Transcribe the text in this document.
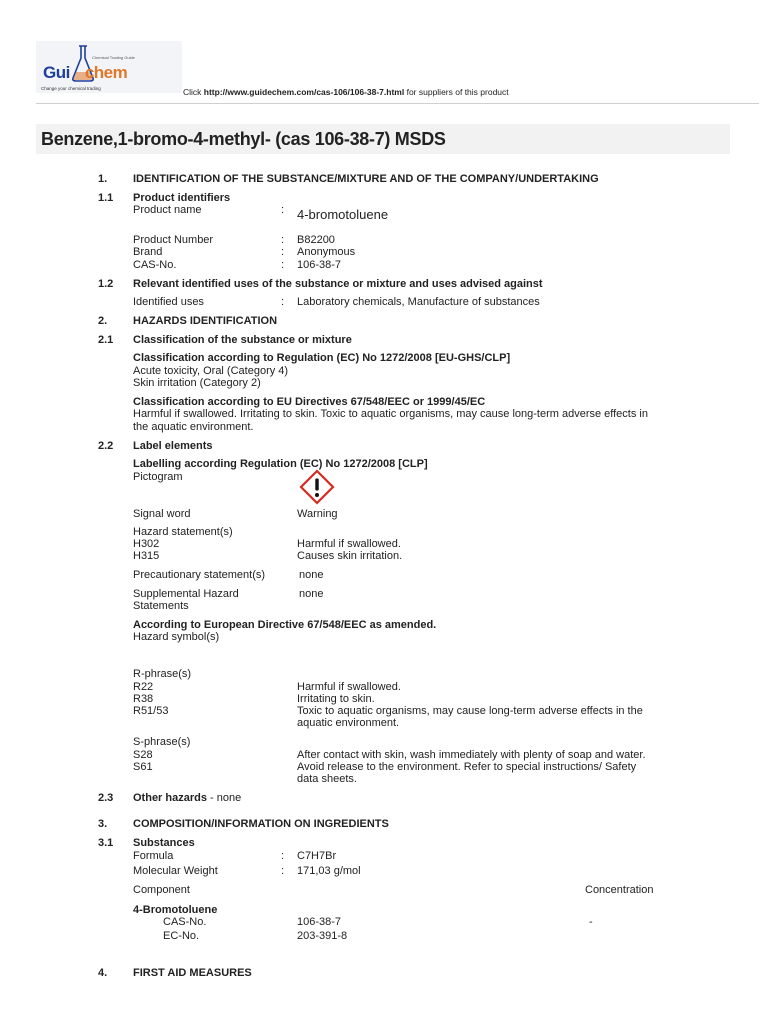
Chemical Trading Guide
Gui chem
Change your chemical trading	Click http://www.guidechem.com/cas-106/106-38-7.html for suppliers of this product
Benzene,1-bromo-4-methyl- (cas 106-38-7) MSDS
1. IDENTIFICATION OF THE SUBSTANCE/MIXTURE AND OF THE COMPANY/UNDERTAKING
1.1 Product identifiers
Product name	: 4-bromotoluene
Product Number	: B82200
Brand	: Anonymous
CAS-No.	: 106-38-7
1.2 Relevant identified uses of the substance or mixture and uses advised against
Identified uses	: Laboratory chemicals, Manufacture of substances
2. HAZARDS IDENTIFICATION
2.1 Classification of the substance or mixture
Classification according to Regulation (EC) No 1272/2008 [EU-GHS/CLP]
Acute toxicity, Oral (Category 4)
Skin irritation (Category 2)
Classification according to EU Directives 67/548/EEC or 1999/45/EC
Harmful if swallowed. Irritating to skin. Toxic to aquatic organisms, may cause long-term adverse effects in
the aquatic environment.
2.2 Label elements
Labelling according Regulation (EC) No 1272/2008 [CLP]
Pictogram
Signal word	Warning
Hazard statement(s)
H302	Harmful if swallowed.
H315	Causes skin irritation.
Precautionary statement(s)	none
Supplemental Hazard
Statements
none
According to European Directive 67/548/EEC as amended.
Hazard symbol(s)
R-phrase(s)
R22	Harmful if swallowed.
R38	Irritating to skin.
R51/53	Toxic to aquatic organisms, may cause long-term adverse effects in the
aquatic environment.
S-phrase(s)
S28	After contact with skin, wash immediately with plenty of soap and water.
S61	Avoid release to the environment. Refer to special instructions/ Safety
data sheets.
2.3 Other hazards - none
3. COMPOSITION/INFORMATION ON INGREDIENTS
3.1 Substances
Formula	: C7H7Br
Molecular Weight	: 171,03 g/mol
Component	Concentration
4-Bromotoluene
CAS-No.	106-38-7	-
EC-No.	203-391-8
4. FIRST AID MEASURES
